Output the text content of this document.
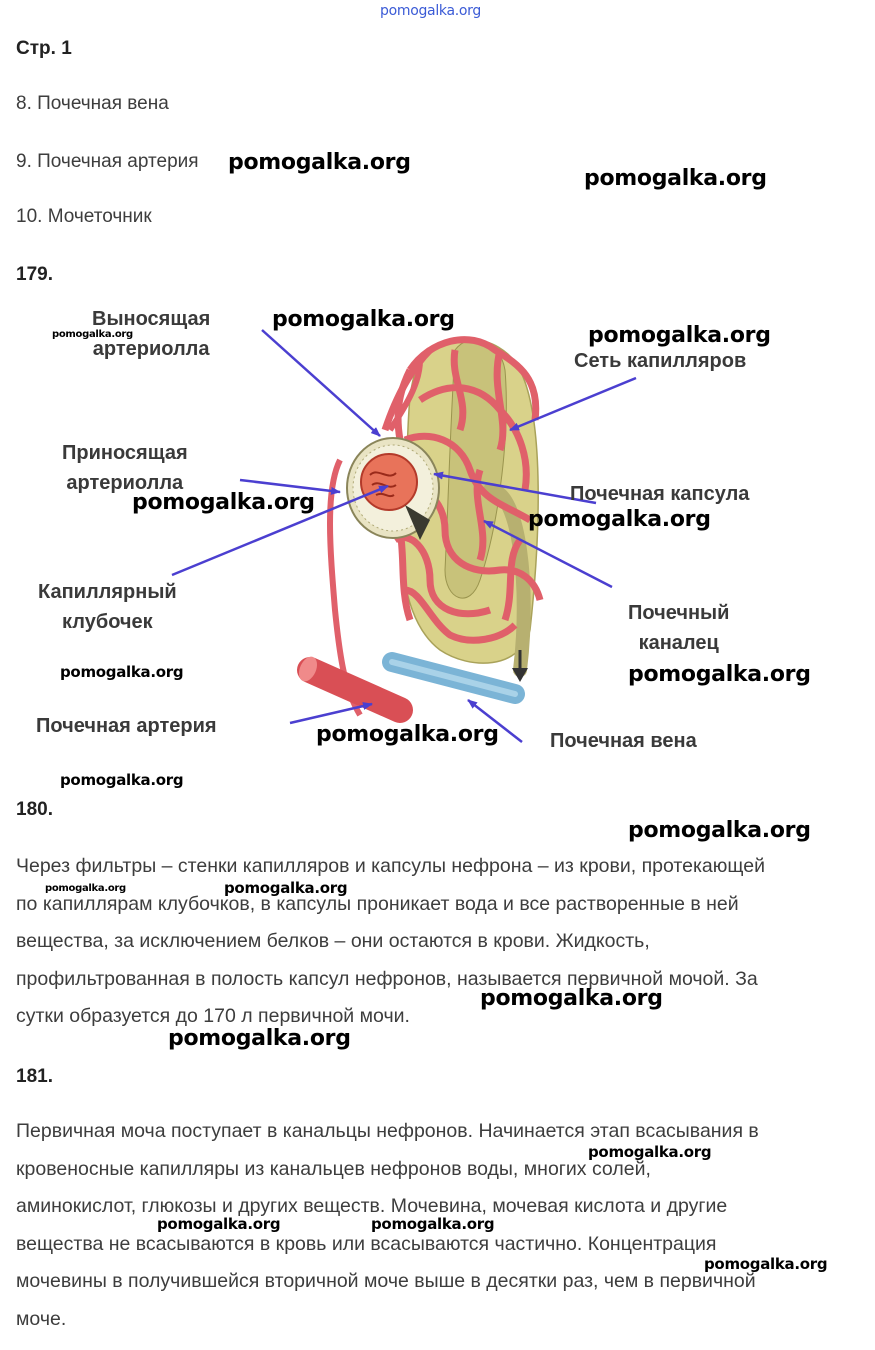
pomogalka.org
Стр. 1
8. Почечная вена
9. Почечная артерия
10. Мочеточник
179.
Выносящая
артериолла
Приносящая
артериолла
Капиллярный
клубочек
Почечная артерия
Сеть капилляров
Почечная капсула
Почечный
каналец
Почечная вена
180.
Через фильтры – стенки капилляров и капсулы нефрона – из крови, протекающей
по капиллярам клубочков, в капсулы проникает вода и все растворенные в ней
вещества, за исключением белков – они остаются в крови. Жидкость,
профильтрованная в полость капсул нефронов, называется первичной мочой. За
сутки образуется до 170 л первичной мочи.
181.
Первичная моча поступает в канальцы нефронов. Начинается этап всасывания в
кровеносные капилляры из канальцев нефронов воды, многих солей,
аминокислот, глюкозы и других веществ. Мочевина, мочевая кислота и другие
вещества не всасываются в кровь или всасываются частично. Концентрация
мочевины в получившейся вторичной моче выше в десятки раз, чем в первичной
моче.
pomogalka.org
pomogalka.org
pomogalka.org
pomogalka.org
pomogalka.org
pomogalka.org
pomogalka.org
pomogalka.org	pomogalka.org
pomogalka.org
pomogalka.org
pomogalka.org
pomogalka.org	pomogalka.org
pomogalka.org
pomogalka.org
pomogalka.org
pomogalka.org	pomogalka.org
pomogalka.org
